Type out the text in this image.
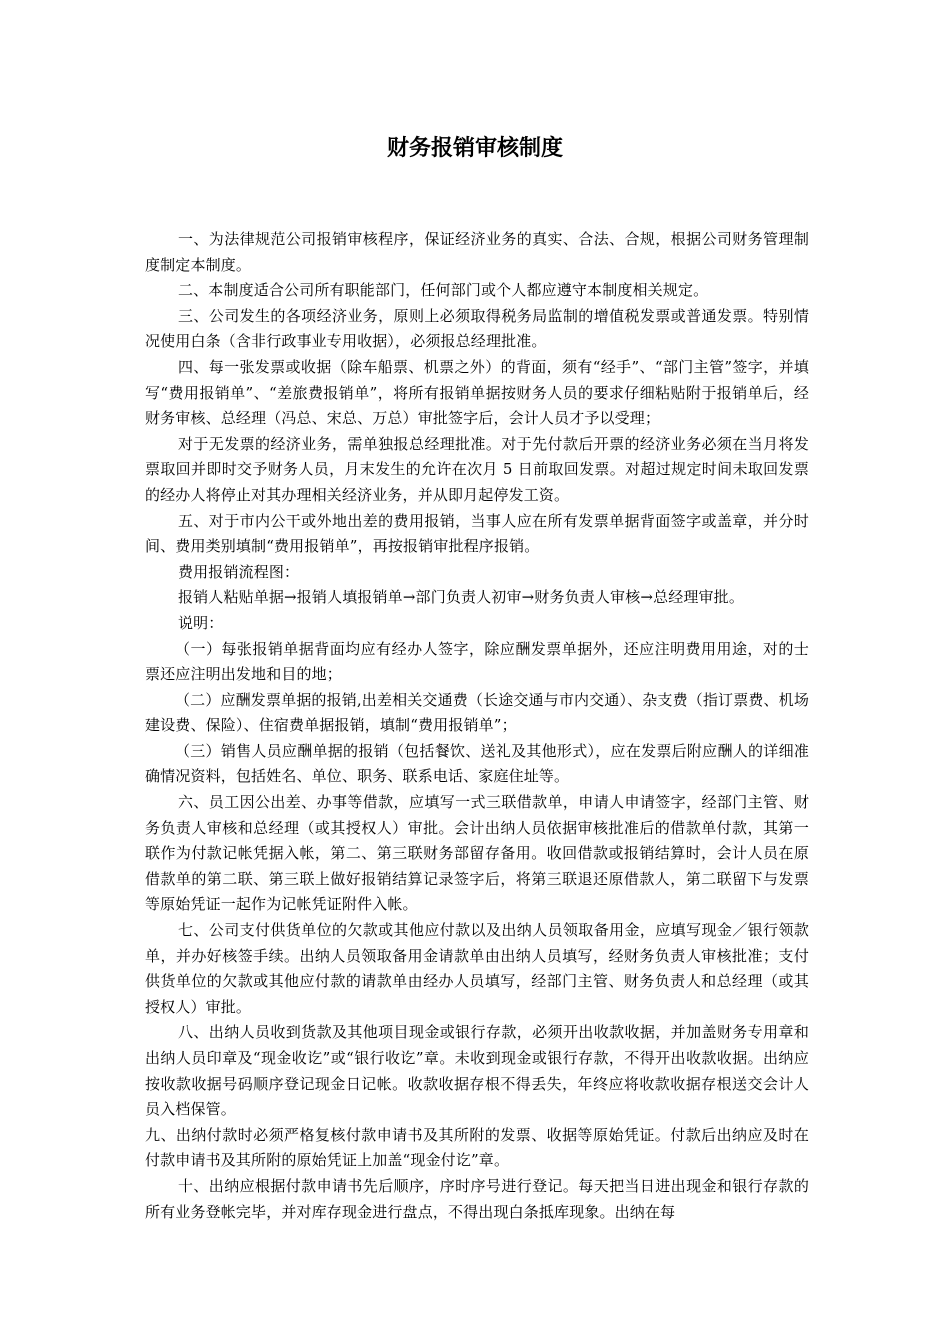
财务报销审核制度

一、为法律规范公司报销审核程序，保证经济业务的真实、合法、合规，根据公司财务管理制度制定本制度。

二、本制度适合公司所有职能部门，任何部门或个人都应遵守本制度相关规定。

三、公司发生的各项经济业务，原则上必须取得税务局监制的增值税发票或普通发票。特别情况使用白条（含非行政事业专用收据），必须报总经理批准。

四、每一张发票或收据（除车船票、机票之外）的背面，须有“经手”、“部门主管”签字，并填写“费用报销单”、“差旅费报销单”，将所有报销单据按财务人员的要求仔细粘贴附于报销单后，经财务审核、总经理（冯总、宋总、万总）审批签字后，会计人员才予以受理；

对于无发票的经济业务，需单独报总经理批准。对于先付款后开票的经济业务必须在当月将发票取回并即时交予财务人员，月末发生的允许在次月 5 日前取回发票。对超过规定时间未取回发票的经办人将停止对其办理相关经济业务，并从即月起停发工资。

五、对于市内公干或外地出差的费用报销，当事人应在所有发票单据背面签字或盖章，并分时间、费用类别填制“费用报销单”，再按报销审批程序报销。

费用报销流程图：

报销人粘贴单据→报销人填报销单→部门负责人初审→财务负责人审核→总经理审批。

说明：

（一）每张报销单据背面均应有经办人签字，除应酬发票单据外，还应注明费用用途，对的士票还应注明出发地和目的地；

（二）应酬发票单据的报销,出差相关交通费（长途交通与市内交通）、杂支费（指订票费、机场建设费、保险）、住宿费单据报销，填制“费用报销单”；

（三）销售人员应酬单据的报销（包括餐饮、送礼及其他形式），应在发票后附应酬人的详细准确情况资料，包括姓名、单位、职务、联系电话、家庭住址等。

六、员工因公出差、办事等借款，应填写一式三联借款单，申请人申请签字，经部门主管、财务负责人审核和总经理（或其授权人）审批。会计出纳人员依据审核批准后的借款单付款，其第一联作为付款记帐凭据入帐，第二、第三联财务部留存备用。收回借款或报销结算时，会计人员在原借款单的第二联、第三联上做好报销结算记录签字后，将第三联退还原借款人，第二联留下与发票等原始凭证一起作为记帐凭证附件入帐。

七、公司支付供货单位的欠款或其他应付款以及出纳人员领取备用金，应填写现金／银行领款单，并办好核签手续。出纳人员领取备用金请款单由出纳人员填写，经财务负责人审核批准；支付供货单位的欠款或其他应付款的请款单由经办人员填写，经部门主管、财务负责人和总经理（或其授权人）审批。

八、出纳人员收到货款及其他项目现金或银行存款，必须开出收款收据，并加盖财务专用章和出纳人员印章及“现金收讫”或“银行收讫”章。未收到现金或银行存款，不得开出收款收据。出纳应按收款收据号码顺序登记现金日记帐。收款收据存根不得丢失，年终应将收款收据存根送交会计人员入档保管。

九、出纳付款时必须严格复核付款申请书及其所附的发票、收据等原始凭证。付款后出纳应及时在付款申请书及其所附的原始凭证上加盖“现金付讫”章。

十、出纳应根据付款申请书先后顺序，序时序号进行登记。每天把当日进出现金和银行存款的所有业务登帐完毕，并对库存现金进行盘点，不得出现白条抵库现象。出纳在每
